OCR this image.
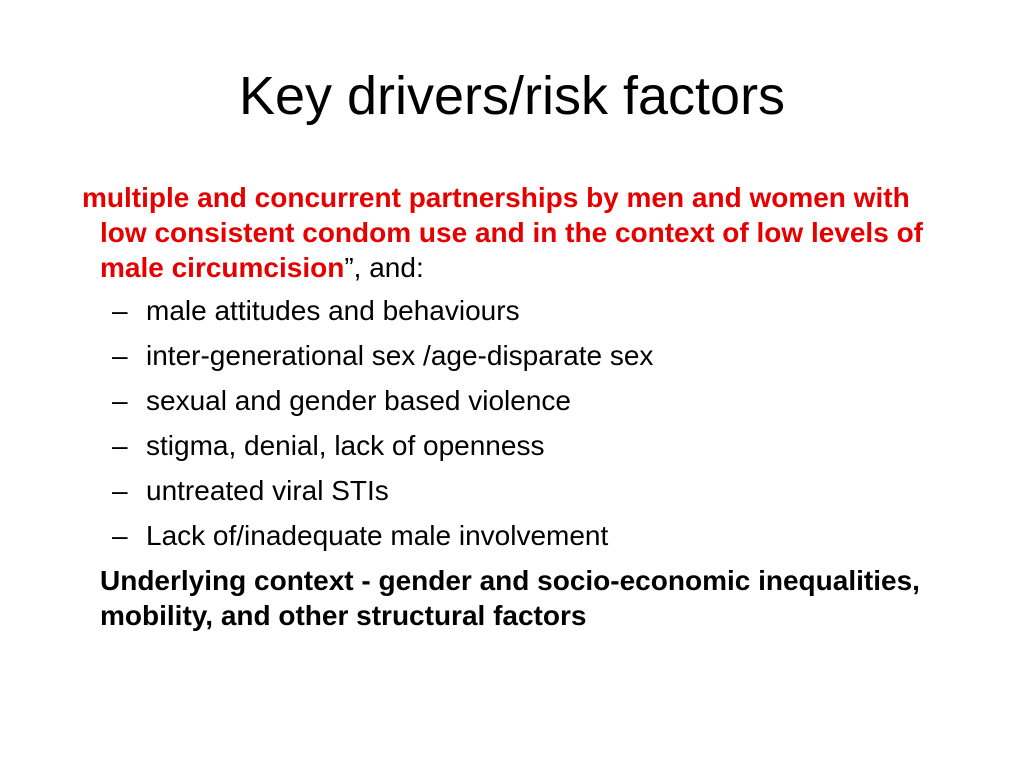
Key drivers/risk factors

multiple and concurrent partnerships by men and women with low consistent condom use and in the context of low levels of male circumcision”, and:

– male attitudes and behaviours
– inter-generational sex /age-disparate sex
– sexual and gender based violence
– stigma, denial, lack of openness
– untreated viral STIs
– Lack of/inadequate male involvement

Underlying context - gender and socio-economic inequalities, mobility, and other structural factors
